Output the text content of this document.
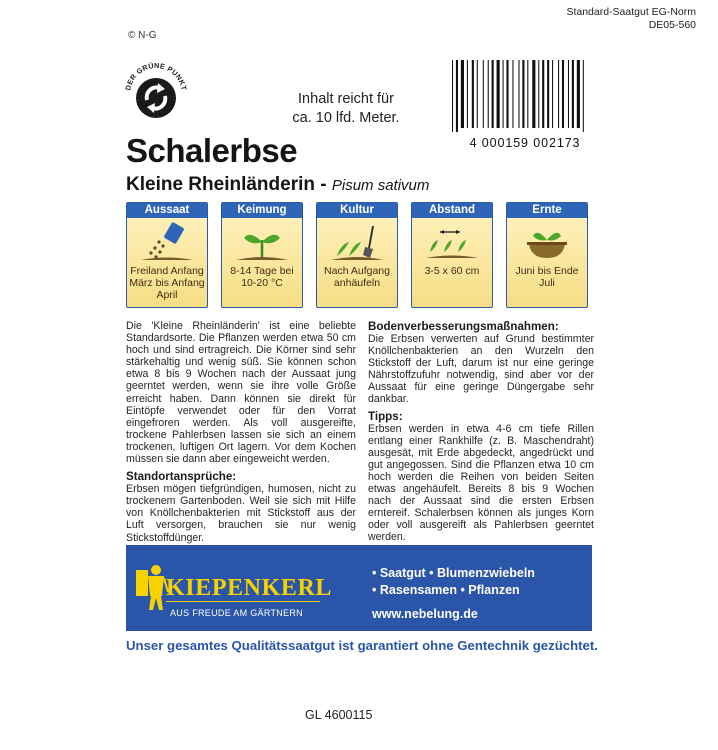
Standard-Saatgut EG-Norm
DE05-560
© N-G
DER GRÜNE PUNKT
Inhalt reicht für
ca. 10 lfd. Meter.
4 000159 002173
Schalerbse
Kleine Rheinländerin - Pisum sativum
Aussaat
Freiland Anfang März bis Anfang April
Keimung
8-14 Tage bei 10-20 °C
Kultur
Nach Aufgang anhäufeln
Abstand
3-5 x 60 cm
Ernte
Juni bis Ende Juli
Die 'Kleine Rheinländerin' ist eine beliebte Standardsorte. Die Pflanzen werden etwa 50 cm hoch und sind ertragreich. Die Körner sind sehr stärkehaltig und wenig süß. Sie können schon etwa 8 bis 9 Wochen nach der Aussaat jung geerntet werden, wenn sie ihre volle Größe erreicht haben. Dann können sie direkt für Eintöpfe verwendet oder für den Vorrat eingefroren werden. Als voll ausgereifte, trockene Pahlerbsen lassen sie sich an einem trockenen, luftigen Ort lagern. Vor dem Kochen müssen sie dann aber eingeweicht werden.
Standortansprüche:
Erbsen mögen tiefgründigen, humosen, nicht zu trockenem Gartenboden. Weil sie sich mit Hilfe von Knöllchenbakterien mit Stickstoff aus der Luft versorgen, brauchen sie nur wenig Stickstoffdünger.
Bodenverbesserungsmaßnahmen:
Die Erbsen verwerten auf Grund bestimmter Knöllchenbakterien an den Wurzeln den Stickstoff der Luft, darum ist nur eine geringe Nährstoffzufuhr notwendig, sind aber vor der Aussaat für eine geringe Düngergabe sehr dankbar.
Tipps:
Erbsen werden in etwa 4-6 cm tiefe Rillen entlang einer Rankhilfe (z. B. Maschendraht) ausgesät, mit Erde abgedeckt, angedrückt und gut angegossen. Sind die Pflanzen etwa 10 cm hoch werden die Reihen von beiden Seiten etwas angehäufelt. Bereits 8 bis 9 Wochen nach der Aussaat sind die ersten Erbsen erntereif. Schalerbsen können als junges Korn oder voll ausgereift als Pahlerbsen geerntet werden.
KIEPENKERL
AUS FREUDE AM GÄRTNERN
• Saatgut • Blumenzwiebeln
• Rasensamen • Pflanzen
www.nebelung.de
Unser gesamtes Qualitätssaatgut ist garantiert ohne Gentechnik gezüchtet.
GL 4600115
